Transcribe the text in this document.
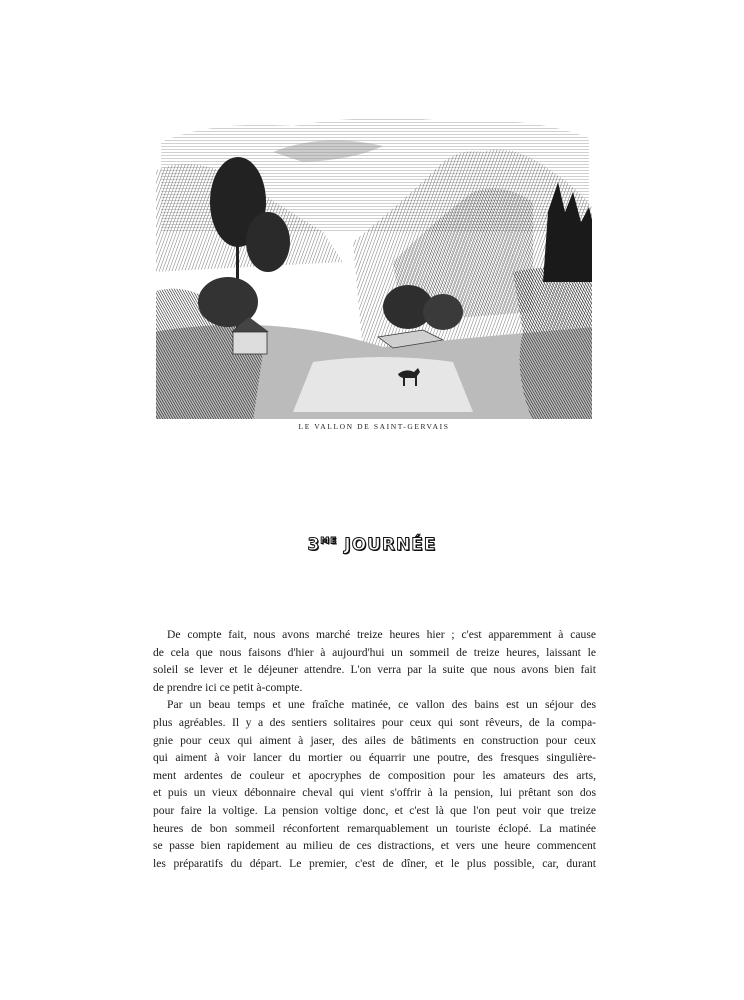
LE VALLON DE SAINT-GERVAIS
$3^{ME}$ JOURNÉE
De compte fait, nous avons marché treize heures hier ; c'est apparemment à cause
de cela que nous faisons d'hier à aujourd'hui un sommeil de treize heures, laissant le
soleil se lever et le déjeuner attendre. L'on verra par la suite que nous avons bien fait
de prendre ici ce petit à-compte.
Par un beau temps et une fraîche matinée, ce vallon des bains est un séjour des
plus agréables. Il y a des sentiers solitaires pour ceux qui sont rêveurs, de la compa-
gnie pour ceux qui aiment à jaser, des ailes de bâtiments en construction pour ceux
qui aiment à voir lancer du mortier ou équarrir une poutre, des fresques singulière-
ment ardentes de couleur et apocryphes de composition pour les amateurs des arts,
et puis un vieux débonnaire cheval qui vient s'offrir à la pension, lui prêtant son dos
pour faire la voltige. La pension voltige donc, et c'est là que l'on peut voir que treize
heures de bon sommeil réconfortent remarquablement un touriste éclopé. La matinée
se passe bien rapidement au milieu de ces distractions, et vers une heure commencent
les préparatifs du départ. Le premier, c'est de dîner, et le plus possible, car, durant
